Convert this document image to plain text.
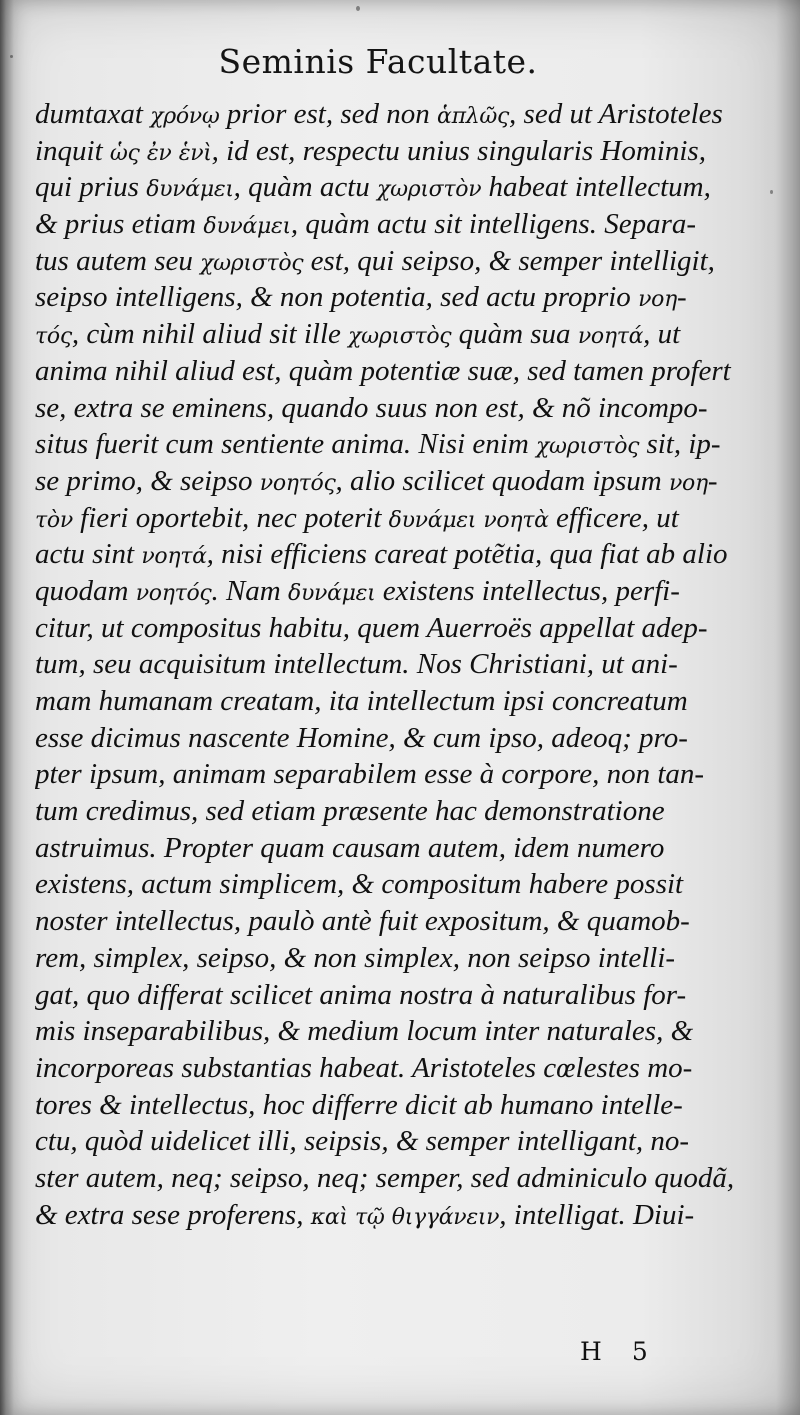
Seminis Facultate.
dumtaxat χρόνῳ prior est, sed non ἁπλῶς, sed ut Aristoteles
inquit ὡς ἐν ἑνὶ, id est, respectu unius singularis Hominis,
qui prius δυνάμει, quàm actu χωριστὸν habeat intellectum,
& prius etiam δυνάμει, quàm actu sit intelligens. Separa-
tus autem seu χωριστὸς est, qui seipso, & semper intelligit,
seipso intelligens, & non potentia, sed actu proprio νοη-
τός, cùm nihil aliud sit ille χωριστὸς quàm sua νοητά, ut
anima nihil aliud est, quàm potentiæ suæ, sed tamen profert
se, extra se eminens, quando suus non est, & nõ incompo-
situs fuerit cum sentiente anima. Nisi enim χωριστὸς sit, ip-
se primo, & seipso νοητός, alio scilicet quodam ipsum νοη-
τὸν fieri oportebit, nec poterit δυνάμει νοητὰ efficere, ut
actu sint νοητά, nisi efficiens careat potẽtia, qua fiat ab alio
quodam νοητός. Nam δυνάμει existens intellectus, perfi-
citur, ut compositus habitu, quem Auerroës appellat adep-
tum, seu acquisitum intellectum. Nos Christiani, ut ani-
mam humanam creatam, ita intellectum ipsi concreatum
esse dicimus nascente Homine, & cum ipso, adeoq; pro-
pter ipsum, animam separabilem esse à corpore, non tan-
tum credimus, sed etiam præsente hac demonstratione
astruimus. Propter quam causam autem, idem numero
existens, actum simplicem, & compositum habere possit
noster intellectus, paulò antè fuit expositum, & quamob-
rem, simplex, seipso, & non simplex, non seipso intelli-
gat, quo differat scilicet anima nostra à naturalibus for-
mis inseparabilibus, & medium locum inter naturales, &
incorporeas substantias habeat. Aristoteles cœlestes mo-
tores & intellectus, hoc differre dicit ab humano intelle-
ctu, quòd uidelicet illi, seipsis, & semper intelligant, no-
ster autem, neq; seipso, neq; semper, sed adminiculo quodã,
& extra sese proferens, καὶ τῷ θιγγάνειν, intelligat. Diui-
H5
